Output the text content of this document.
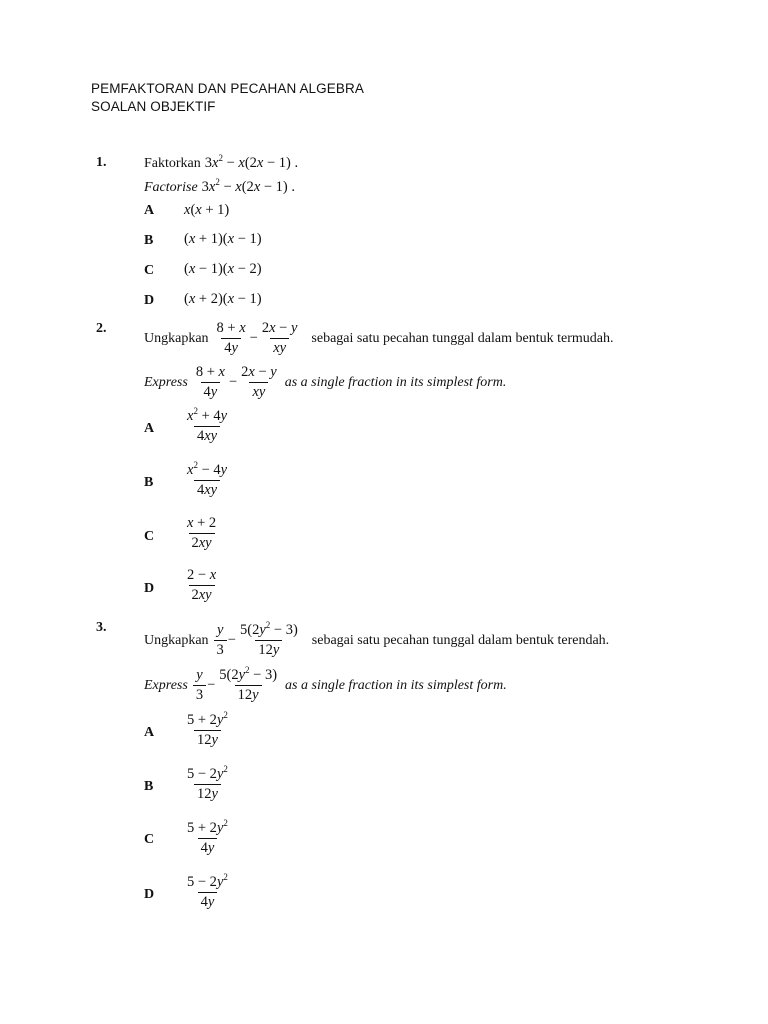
PEMFAKTORAN DAN PECAHAN ALGEBRA
SOALAN OBJEKTIF
1.	Faktorkan $3x^2 - x(2x - 1)$ .
Factorise $3x^2 - x(2x - 1)$ .
A x(x + 1)
B (x + 1)(x − 1)
C (x − 1)(x − 2)
D (x + 2)(x − 1)
2.
Ungkapkan $\frac{8 + x}{4y} - \frac{2x - y}{xy}$ sebagai satu pecahan tunggal dalam bentuk termudah.
Express $\frac{8 + x}{4y} - \frac{2x - y}{xy}$ as a single fraction in its simplest form.
A $\frac{x^2 + 4y}{4xy}$
B $\frac{x^2 - 4y}{4xy}$
C $\frac{x + 2}{2xy}$
D $\frac{2 - x}{2xy}$
3.
Ungkapkan $\frac{y}{3} - \frac{5(2y^2 - 3)}{12y}$ sebagai satu pecahan tunggal dalam bentuk terendah.
Express $\frac{y}{3} - \frac{5(2y^2 - 3)}{12y}$ as a single fraction in its simplest form.
A $\frac{5 + 2y^2}{12y}$
B $\frac{5 - 2y^2}{12y}$
C $\frac{5 + 2y^2}{4y}$
D $\frac{5 - 2y^2}{4y}$
